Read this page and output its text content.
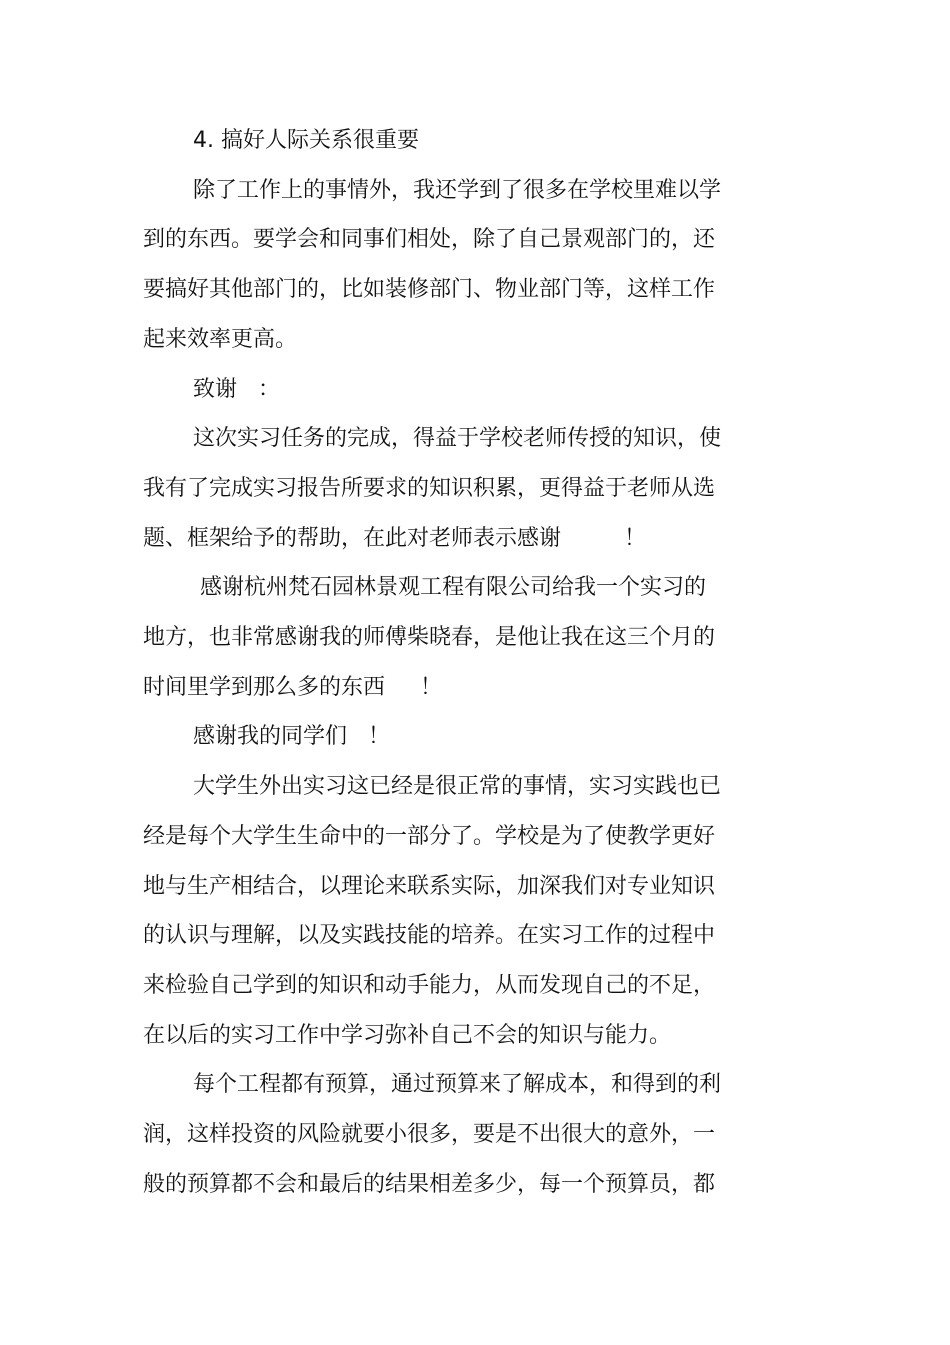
4. 搞好人际关系很重要

除了工作上的事情外，我还学到了很多在学校里难以学
到的东西。要学会和同事们相处，除了自己景观部门的，还
要搞好其他部门的，比如装修部门、物业部门等，这样工作
起来效率更高。

致谢   ：

这次实习任务的完成，得益于学校老师传授的知识，使
我有了完成实习报告所要求的知识积累，更得益于老师从选
题、框架给予的帮助，在此对老师表示感谢         ！

感谢杭州梵石园林景观工程有限公司给我一个实习的
地方，也非常感谢我的师傅柴晓春，是他让我在这三个月的
时间里学到那么多的东西     ！

感谢我的同学们   ！

大学生外出实习这已经是很正常的事情，实习实践也已
经是每个大学生生命中的一部分了。学校是为了使教学更好
地与生产相结合，以理论来联系实际，加深我们对专业知识
的认识与理解，以及实践技能的培养。在实习工作的过程中
来检验自己学到的知识和动手能力，从而发现自己的不足，
在以后的实习工作中学习弥补自己不会的知识与能力。

每个工程都有预算，通过预算来了解成本，和得到的利
润，这样投资的风险就要小很多，要是不出很大的意外，一
般的预算都不会和最后的结果相差多少，每一个预算员，都
